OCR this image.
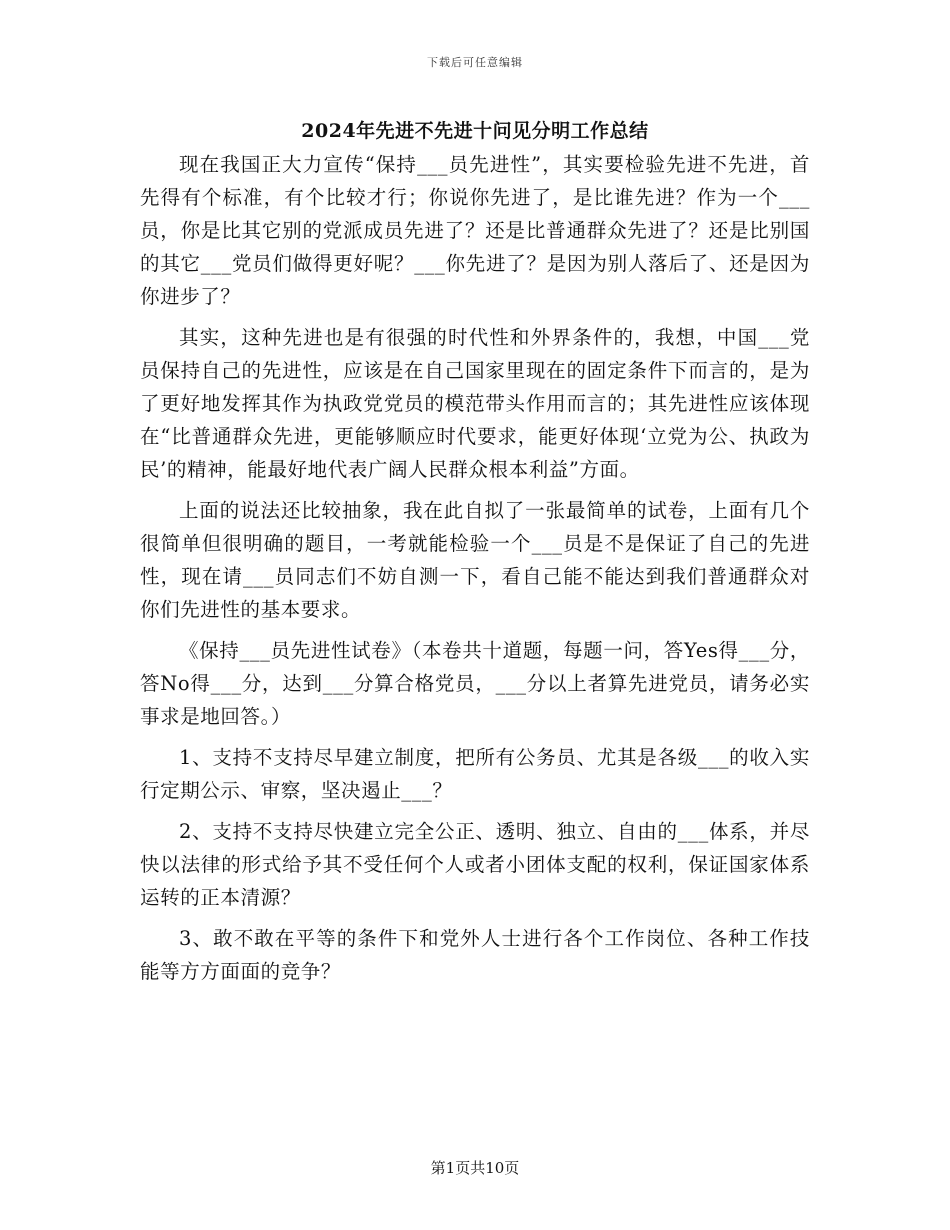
下载后可任意编辑
2024年先进不先进十问见分明工作总结

现在我国正大力宣传“保持___员先进性”，其实要检验先进不先进，首先得有个标准，有个比较才行；你说你先进了，是比谁先进？作为一个___员，你是比其它别的党派成员先进了？还是比普通群众先进了？还是比别国的其它___党员们做得更好呢？___你先进了？是因为别人落后了、还是因为你进步了？

其实，这种先进也是有很强的时代性和外界条件的，我想，中国___党员保持自己的先进性，应该是在自己国家里现在的固定条件下而言的，是为了更好地发挥其作为执政党党员的模范带头作用而言的；其先进性应该体现在“比普通群众先进，更能够顺应时代要求，能更好体现‘立党为公、执政为民’的精神，能最好地代表广阔人民群众根本利益”方面。

上面的说法还比较抽象，我在此自拟了一张最简单的试卷，上面有几个很简单但很明确的题目，一考就能检验一个___员是不是保证了自己的先进性，现在请___员同志们不妨自测一下，看自己能不能达到我们普通群众对你们先进性的基本要求。

《保持___员先进性试卷》（本卷共十道题，每题一问，答Yes得___分，答No得___分，达到___分算合格党员，___分以上者算先进党员，请务必实事求是地回答。）

1、支持不支持尽早建立制度，把所有公务员、尤其是各级___的收入实行定期公示、审察，坚决遏止___？

2、支持不支持尽快建立完全公正、透明、独立、自由的___体系，并尽快以法律的形式给予其不受任何个人或者小团体支配的权利，保证国家体系运转的正本清源？

3、敢不敢在平等的条件下和党外人士进行各个工作岗位、各种工作技能等方方面面的竞争？

第1页共10页
